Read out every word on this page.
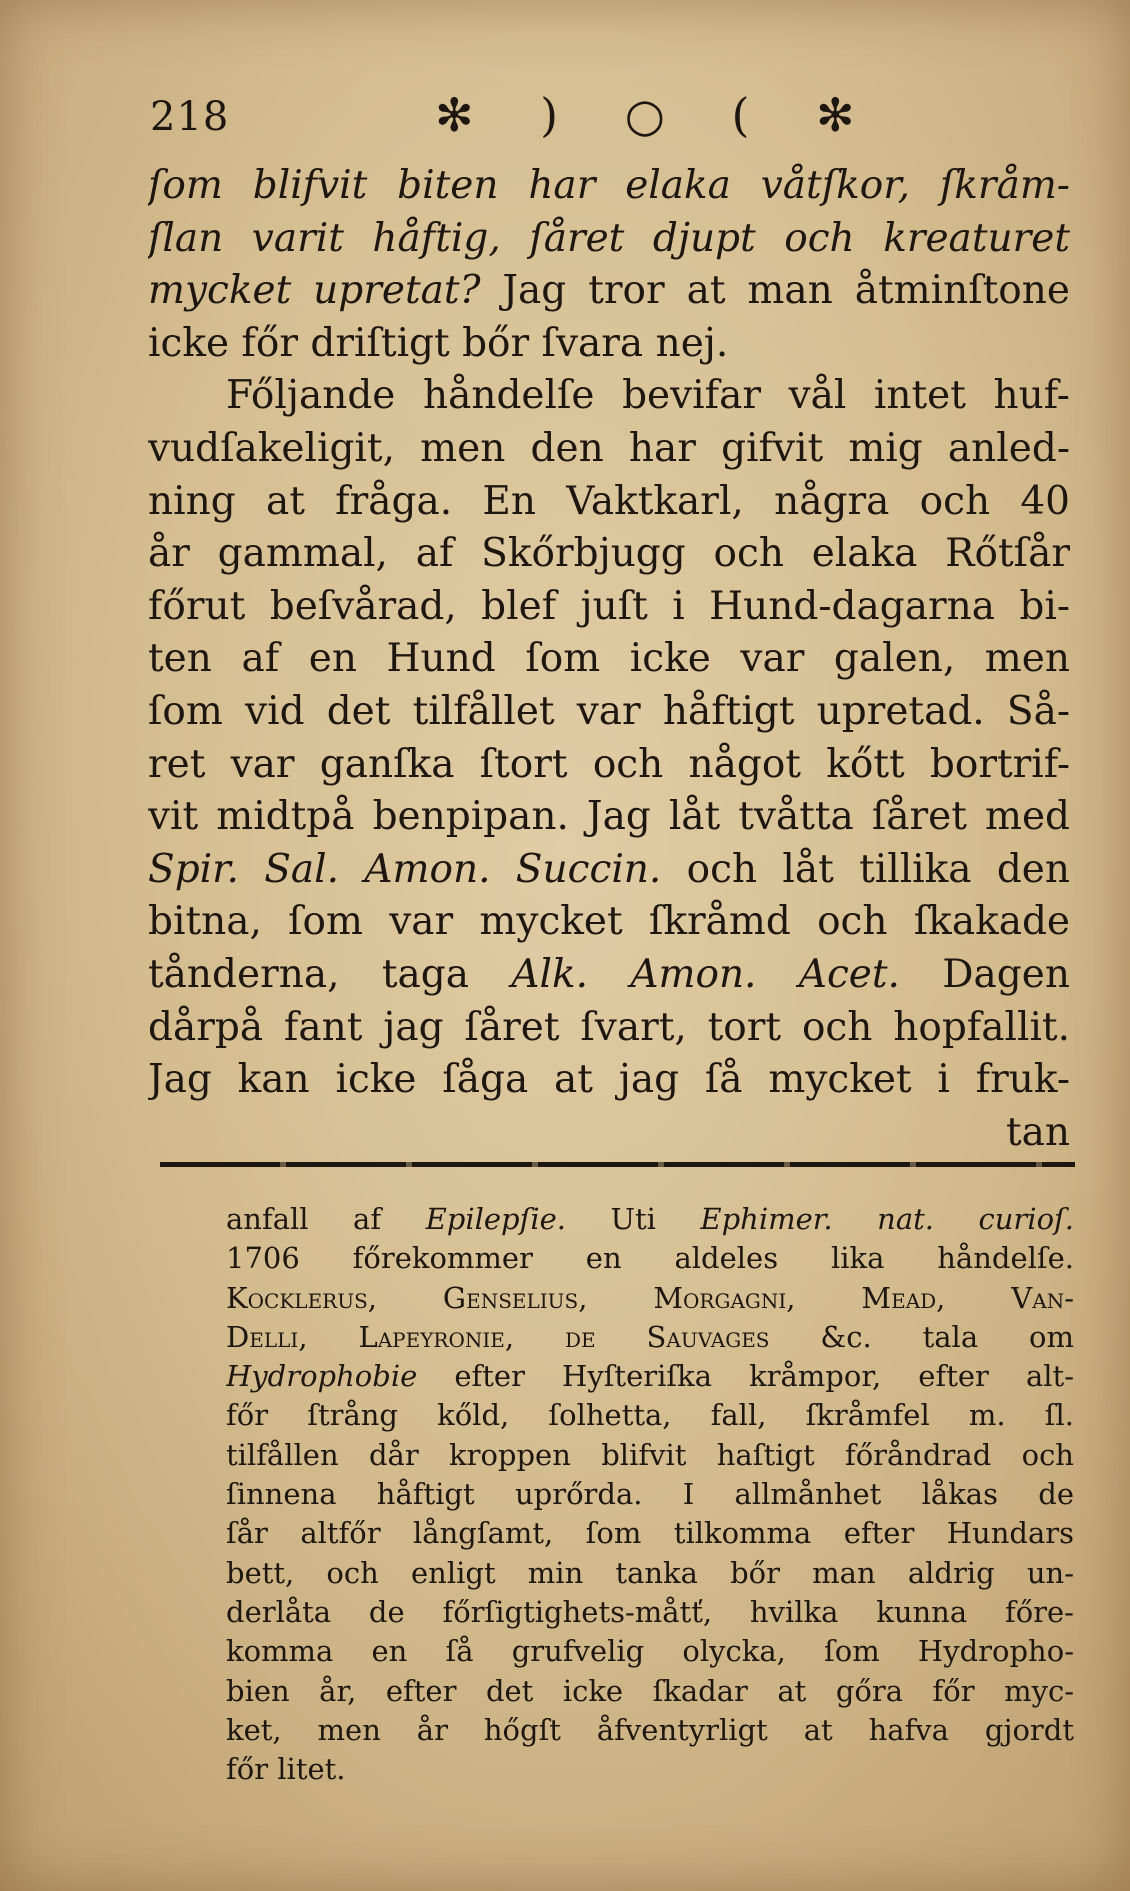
218	✻ ) ○ ( ✻
ſom blifvit biten har elaka våtſkor, ſkråm-
ſlan varit håftig, ſåret djupt och kreaturet
mycket upretat? Jag tror at man åtminſtone
icke főr driſtigt bőr ſvara nej.
Főljande håndelſe bevifar vål intet huf-
vudſakeligit, men den har gifvit mig anled-
ning at fråga. En Vaktkarl, några och 40
år gammal, af Skőrbjugg och elaka Rőtſår
főrut beſvårad, blef juſt i Hund-dagarna bi-
ten af en Hund ſom icke var galen, men
ſom vid det tilfållet var håftigt upretad. Så-
ret var ganſka ſtort och något kőtt bortrif-
vit midtpå benpipan. Jag låt tvåtta ſåret med
Spir. Sal. Amon. Succin. och låt tillika den
bitna, ſom var mycket ſkråmd och ſkakade
tånderna, taga Alk. Amon. Acet. Dagen
dårpå fant jag ſåret ſvart, tort och hopfallit.
Jag kan icke ſåga at jag ſå mycket i fruk-
tan
anfall af Epilepſie. Uti Ephimer. nat. curioſ.
1706 főrekommer en aldeles lika håndelſe.
Kocklerus, Genselius, Morgagni, Mead, Van-
Delli, Lapeyronie, de Sauvages &c. tala om
Hydrophobie efter Hyſteriſka kråmpor, efter alt-
főr ſtrång kőld, ſolhetta, fall, ſkråmfel m. ſl.
tilfållen dår kroppen blifvit haſtigt főråndrad och
ſinnena håftigt uprőrda. I allmånhet låkas de
ſår altfőr långſamt, ſom tilkomma efter Hundars
bett, och enligt min tanka bőr man aldrig un-
derlåta de főrſigtighets-måtť, hvilka kunna főre-
komma en ſå grufvelig olycka, ſom Hydropho-
bien år, efter det icke ſkadar at gőra főr myc-
ket, men år hőgſt åfventyrligt at hafva gjordt
főr litet.
